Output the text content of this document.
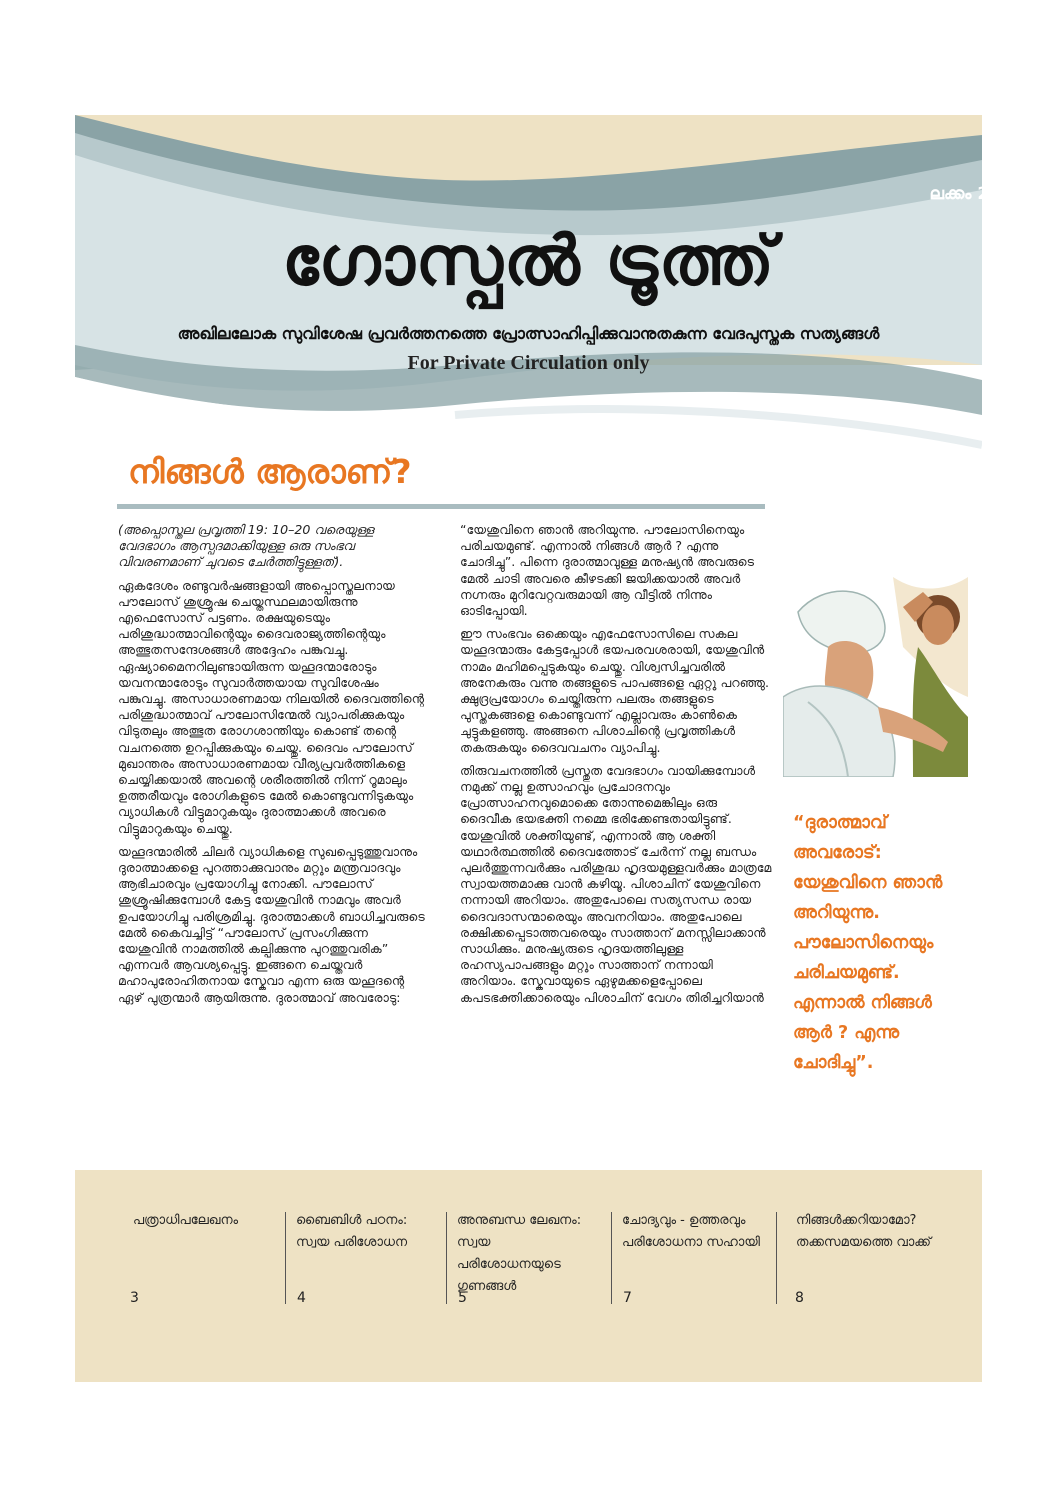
ലക്കം 23
ഗോസ്പൽ ട്രൂത്ത്
അഖിലലോക സുവിശേഷ പ്രവർത്തനത്തെ പ്രോത്സാഹിപ്പിക്കുവാനുതകുന്ന വേദപുസ്തക സത്യങ്ങൾ
For Private Circulation only
നിങ്ങൾ ആരാണ്?

(അപ്പൊസ്തല പ്രവൃത്തി 19: 10–20 വരെയുള്ള വേദഭാഗം ആസ്പദമാക്കിയുള്ള ഒരു സംഭവ വിവരണമാണ് ചുവടെ ചേർത്തിട്ടുള്ളത്).

ഏകദേശം രണ്ടുവർഷങ്ങളായി അപ്പൊസ്തലനായ പൗലോസ് ശുശ്രൂഷ ചെയ്തസ്ഥലമായിരുന്നു എഫെസോസ് പട്ടണം. രക്ഷയുടെയും പരിശുദ്ധാത്മാവിന്റെയും ദൈവരാജ്യത്തിന്റെയും അത്ഭുതസന്ദേശങ്ങൾ അദ്ദേഹം പങ്കുവച്ചു. ഏഷ്യാമൈനറിലുണ്ടായിരുന്ന യഹൂദന്മാരോടും യവനന്മാരോടും സുവാർത്തയായ സുവിശേഷം പങ്കുവച്ചു. അസാധാരണമായ നിലയിൽ ദൈവത്തിന്റെ പരിശുദ്ധാത്മാവ് പൗലോസിന്മേൽ വ്യാപരിക്കുകയും വിടുതലും അത്ഭുത രോഗശാന്തിയും കൊണ്ട് തന്റെ വചനത്തെ ഉറപ്പിക്കുകയും ചെയ്തു. ദൈവം പൗലോസ് മുഖാന്തരം അസാധാരണമായ വീര്യപ്രവർത്തികളെ ചെയ്യിക്കയാൽ അവന്റെ ശരീരത്തിൽ നിന്ന് റൂമാലും ഉത്തരീയവും രോഗികളുടെ മേൽ കൊണ്ടുവന്നിടുകയും വ്യാധികൾ വിട്ടുമാറുകയും ദുരാത്മാക്കൾ അവരെ വിട്ടുമാറുകയും ചെയ്തു.

യഹൂദന്മാരിൽ ചിലർ വ്യാധികളെ സുഖപ്പെടുത്തുവാനും ദുരാത്മാക്കളെ പുറത്താക്കുവാനും മറ്റും മന്ത്രവാദവും ആഭിചാരവും പ്രയോഗിച്ചു നോക്കി. പൗലോസ് ശുശ്രൂഷിക്കുമ്പോൾ കേട്ട യേശുവിൻ നാമവും അവർ ഉപയോഗിച്ചു പരിശ്രമിച്ചു. ദുരാത്മാക്കൾ ബാധിച്ചവരുടെ മേൽ കൈവച്ചിട്ട് “പൗലോസ് പ്രസംഗിക്കുന്ന യേശുവിൻ നാമത്തിൽ കല്പിക്കുന്നു പുറത്തുവരിക” എന്നവർ ആവശ്യപ്പെട്ടു. ഇങ്ങനെ ചെയ്തവർ മഹാപുരോഹിതനായ സ്കേവാ എന്ന ഒരു യഹൂദന്റെ ഏഴ് പുത്രന്മാർ ആയിരുന്നു. ദുരാത്മാവ് അവരോടു:

“യേശുവിനെ ഞാൻ അറിയുന്നു. പൗലോസിനെയും പരിചയമുണ്ട്. എന്നാൽ നിങ്ങൾ ആർ ? എന്നു ചോദിച്ചു”. പിന്നെ ദുരാത്മാവുള്ള മനുഷ്യൻ അവരുടെ മേൽ ചാടി അവരെ കീഴടക്കി ജയിക്കയാൽ അവർ നഗ്നരും മുറിവേറ്റവരുമായി ആ വീട്ടിൽ നിന്നും ഓടിപ്പോയി.

ഈ സംഭവം ഒക്കെയും എഫേസോസിലെ സകല യഹൂദന്മാരും കേട്ടപ്പോൾ ഭയപരവശരായി, യേശുവിൻ നാമം മഹിമപ്പെടുകയും ചെയ്തു. വിശ്വസിച്ചവരിൽ അനേകരും വന്നു തങ്ങളുടെ പാപങ്ങളെ ഏറ്റു പറഞ്ഞു. ക്ഷുദ്രപ്രയോഗം ചെയ്തിരുന്ന പലരും തങ്ങളുടെ പുസ്തകങ്ങളെ കൊണ്ടുവന്ന് എല്ലാവരും കാൺകെ ചുട്ടുകളഞ്ഞു. അങ്ങനെ പിശാചിന്റെ പ്രവൃത്തികൾ തകരുകയും ദൈവവചനം വ്യാപിച്ചു.

തിരുവചനത്തിൽ പ്രസ്തുത വേദഭാഗം വായിക്കുമ്പോൾ നമുക്ക് നല്ല ഉത്സാഹവും പ്രചോദനവും പ്രോത്സാഹനവുമൊക്കെ തോന്നുമെങ്കിലും ഒരു ദൈവീക ഭയഭക്തി നമ്മെ ഭരിക്കേണ്ടതായിട്ടുണ്ട്. യേശുവിൽ ശക്തിയുണ്ട്, എന്നാൽ ആ ശക്തി യഥാർത്ഥത്തിൽ ദൈവത്തോട് ചേർന്ന് നല്ല ബന്ധം പുലർത്തുന്നവർക്കും പരിശുദ്ധ ഹൃദയമുള്ളവർക്കും മാത്രമേ സ്വായത്തമാക്കു വാൻ കഴിയൂ. പിശാചിന് യേശുവിനെ നന്നായി അറിയാം. അതുപോലെ സത്യസന്ധ രായ ദൈവദാസന്മാരെയും അവനറിയാം. അതുപോലെ രക്ഷിക്കപ്പെടാത്തവരെയും സാത്താന് മനസ്സിലാക്കാൻ സാധിക്കും. മനുഷ്യരുടെ ഹൃദയത്തിലുള്ള രഹസ്യപാപങ്ങളും മറ്റും സാത്താന് നന്നായി അറിയാം. സ്കേവായുടെ ഏഴുമക്കളെപ്പോലെ കപടഭക്തിക്കാരെയും പിശാചിന് വേഗം തിരിച്ചറിയാൻ

“ദുരാത്മാവ് അവരോട്: യേശുവിനെ ഞാൻ അറിയുന്നു. പൗലോസിനെയും ചരിചയമുണ്ട്. എന്നാൽ നിങ്ങൾ ആർ ? എന്നു ചോദിച്ചു”.
പത്രാധിപലേഖനം
3
ബൈബിൾ പഠനം: സ്വയ പരിശോധന
4
അനുബന്ധ ലേഖനം: സ്വയ പരിശോധനയുടെ ഗുണങ്ങൾ
5
ചോദ്യവും - ഉത്തരവും പരിശോധനാ സഹായി
7
നിങ്ങൾക്കറിയാമോ? തക്കസമയത്തെ വാക്ക്
8
